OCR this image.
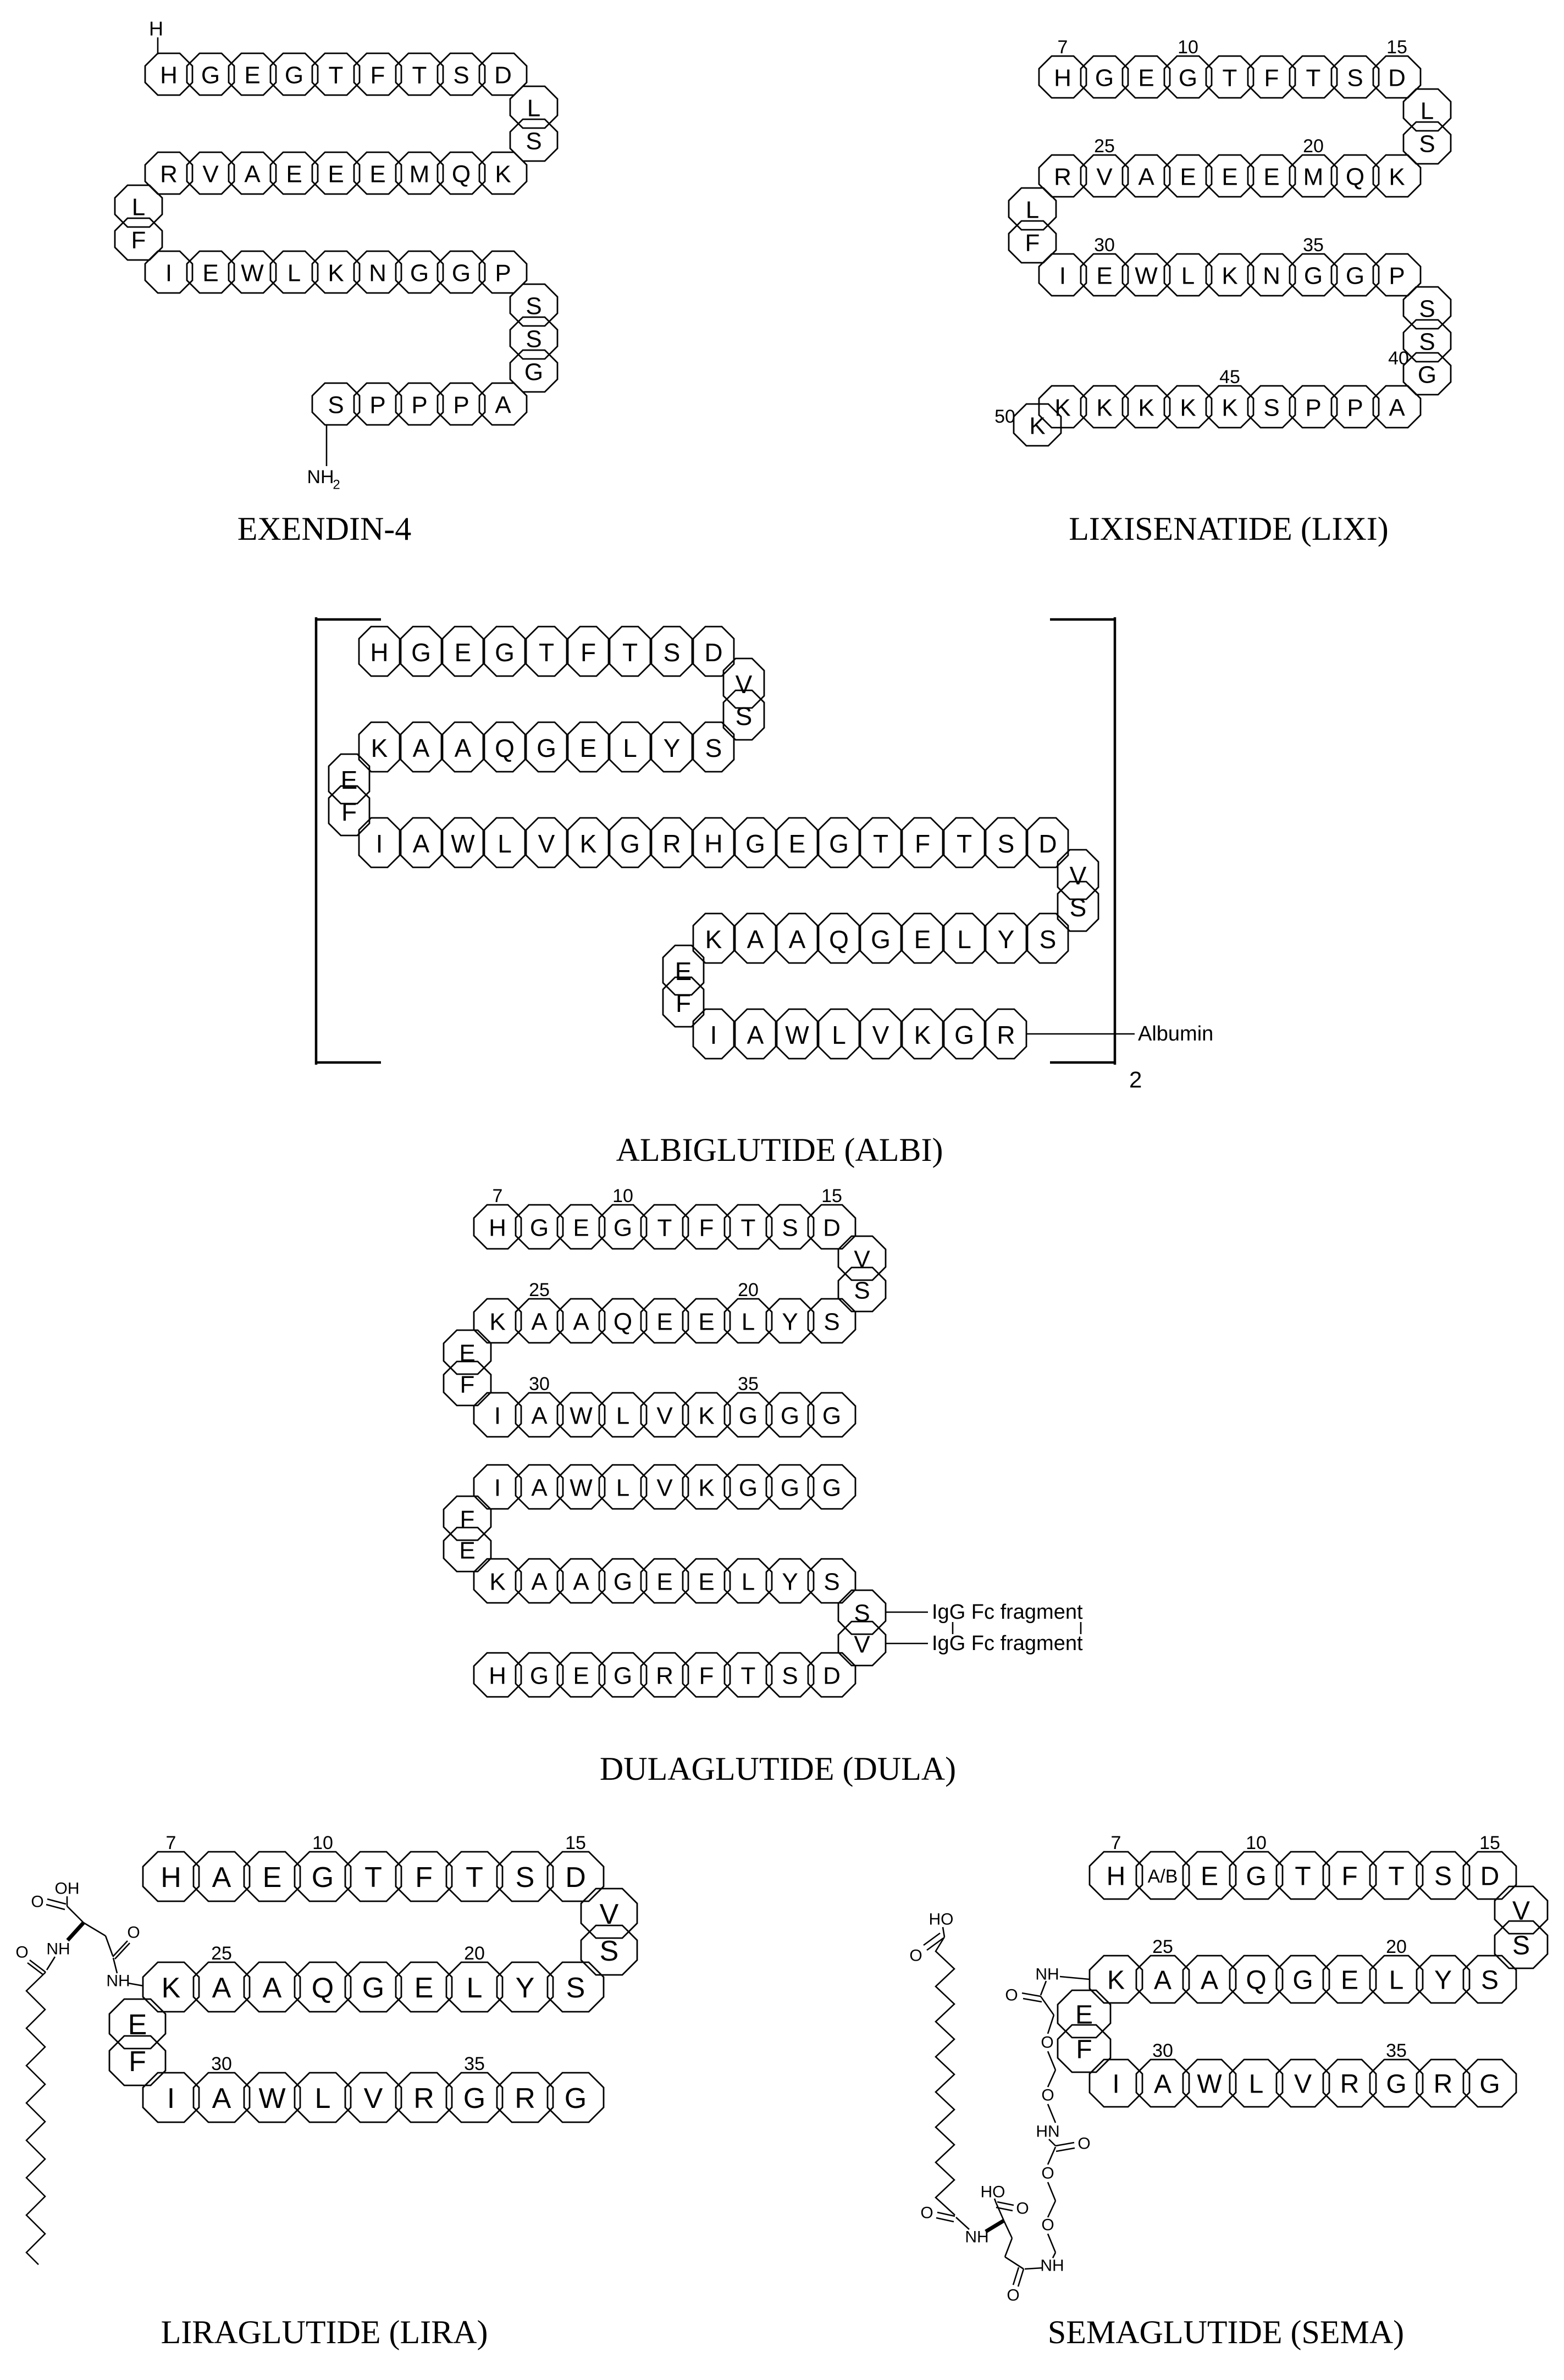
H G E G T F T S D
R V A E E E M Q K
I E W L K N G G P
S P P P A
L
S
L
F
S
S
G
H
NH
2
EXENDIN-4
H
7
G E G
10
T F T S D
15
R V
25
A E E E M
20
Q K
I E
30
W L K N G
35
G P
K K K K K
45
S P P A
L
S
L
F
S
S
G
K
40
50
LIXISENATIDE (LIXI)
H G E G T F T S D
K A A Q G E L Y S
I A W L V K G R H G E G T F T S D
K A A Q G E L Y S
I A W L V K G R
V
S
E
F
V
S
E
F
Albumin
2
ALBIGLUTIDE (ALBI)
H
7
G E G
10
T F T S D
15
K A
25
A Q E E L
20
Y S
I A
30
W L V K G
35
G G
I A W L V K G G G
K A A G E E L Y S
H G E G R F T S D
V
S
E
F
F
E
S
V
IgG Fc fragment
IgG Fc fragment
DULAGLUTIDE (DULA)
H
7
A E G
10
T F T S D
15
K A
25
A Q G E L
20
Y S
I A
30
W L V R G
35
R G
V
S
E
F
OH
O
O
NH
O
NH
LIRAGLUTIDE (LIRA)
H
7
A/B E G
10
T F T S D
15
K A
25
A Q G E L
20
Y S
I A
30
W L V R G
35
R G
V
S
E
F
NH
O
O
O
HN
O
O
O
NH
O
HO
O
NH
O
HO
O
SEMAGLUTIDE (SEMA)
